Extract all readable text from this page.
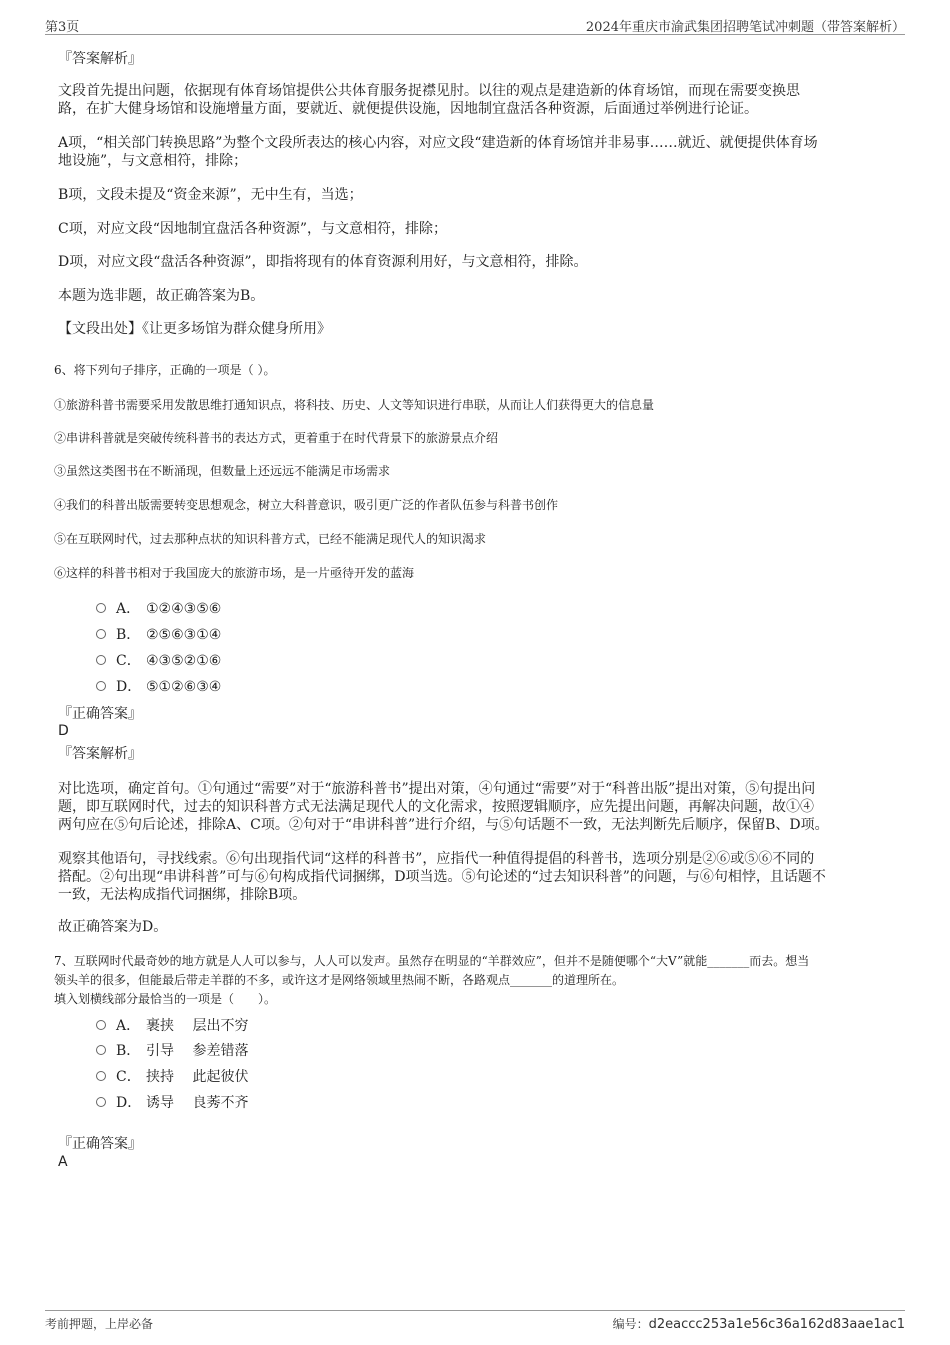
第3页	2024年重庆市渝武集团招聘笔试冲刺题（带答案解析）
『答案解析』
文段首先提出问题，依据现有体育场馆提供公共体育服务捉襟见肘。以往的观点是建造新的体育场馆，而现在需要变换思
路，在扩大健身场馆和设施增量方面，要就近、就便提供设施，因地制宜盘活各种资源，后面通过举例进行论证。
A项，“相关部门转换思路”为整个文段所表达的核心内容，对应文段“建造新的体育场馆并非易事……就近、就便提供体育场
地设施”，与文意相符，排除；
B项，文段未提及“资金来源”，无中生有，当选；
C项，对应文段“因地制宜盘活各种资源”，与文意相符，排除；
D项，对应文段“盘活各种资源”，即指将现有的体育资源利用好，与文意相符，排除。
本题为选非题，故正确答案为B。
【文段出处】《让更多场馆为群众健身所用》
6、将下列句子排序，正确的一项是（ ）。
①旅游科普书需要采用发散思维打通知识点，将科技、历史、人文等知识进行串联，从而让人们获得更大的信息量
②串讲科普就是突破传统科普书的表达方式，更着重于在时代背景下的旅游景点介绍
③虽然这类图书在不断涌现，但数量上还远远不能满足市场需求
④我们的科普出版需要转变思想观念，树立大科普意识，吸引更广泛的作者队伍参与科普书创作
⑤在互联网时代，过去那种点状的知识科普方式，已经不能满足现代人的知识渴求
⑥这样的科普书相对于我国庞大的旅游市场，是一片亟待开发的蓝海
A． ①②④③⑤⑥
B． ②⑤⑥③①④
C． ④③⑤②①⑥
D． ⑤①②⑥③④
『正确答案』
D
『答案解析』
对比选项，确定首句。①句通过“需要”对于“旅游科普书”提出对策，④句通过“需要”对于“科普出版”提出对策，⑤句提出问
题，即互联网时代，过去的知识科普方式无法满足现代人的文化需求，按照逻辑顺序，应先提出问题，再解决问题，故①④
两句应在⑤句后论述，排除A、C项。②句对于“串讲科普”进行介绍，与⑤句话题不一致，无法判断先后顺序，保留B、D项。
观察其他语句，寻找线索。⑥句出现指代词“这样的科普书”，应指代一种值得提倡的科普书，选项分别是②⑥或⑤⑥不同的
搭配。②句出现“串讲科普”可与⑥句构成指代词捆绑，D项当选。⑤句论述的“过去知识科普”的问题，与⑥句相悖，且话题不
一致，无法构成指代词捆绑，排除B项。
故正确答案为D。
7、互联网时代最奇妙的地方就是人人可以参与，人人可以发声。虽然存在明显的“羊群效应”，但并不是随便哪个“大V”就能_______而去。想当
领头羊的很多，但能最后带走羊群的不多，或许这才是网络领域里热闹不断，各路观点_______的道理所在。
填入划横线部分最恰当的一项是（　　）。
A． 裹挟　 层出不穷
B． 引导　 参差错落
C． 挟持　 此起彼伏
D． 诱导　 良莠不齐
『正确答案』
A
考前押题，上岸必备	编号：d2eaccc253a1e56c36a162d83aae1ac1
